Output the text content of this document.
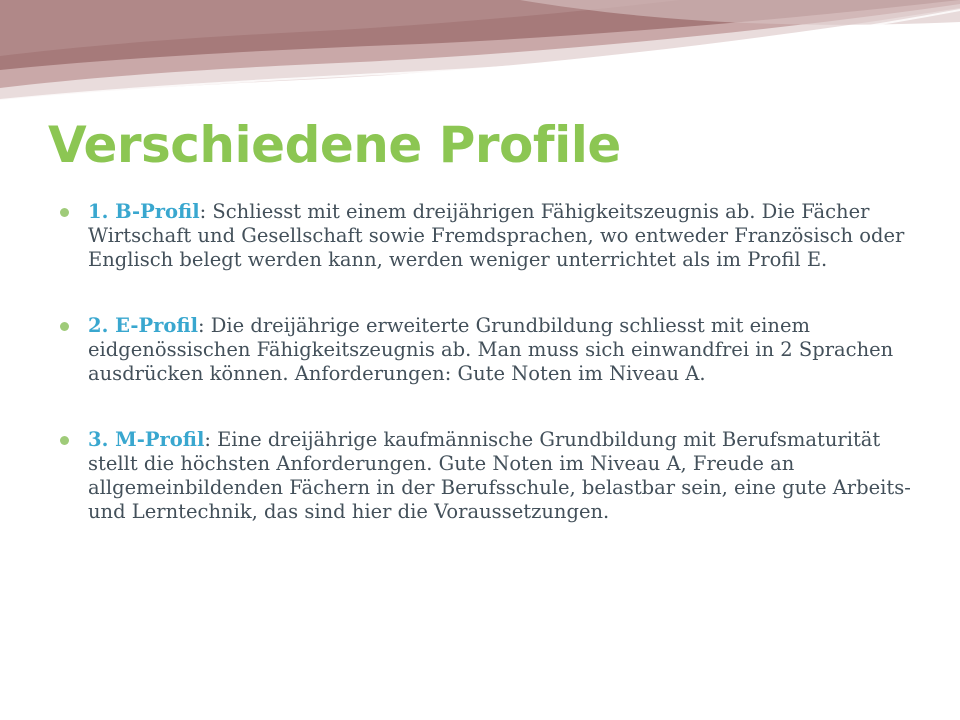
Verschiedene Profile
1. B-Profil: Schliesst mit einem dreijährigen Fähigkeitszeugnis ab. Die Fächer Wirtschaft und Gesellschaft sowie Fremdsprachen, wo entweder Französisch oder Englisch belegt werden kann, werden weniger unterrichtet als im Profil E.
2. E-Profil: Die dreijährige erweiterte Grundbildung schliesst mit einem eidgenössischen Fähigkeitszeugnis ab. Man muss sich einwandfrei in 2 Sprachen ausdrücken können. Anforderungen: Gute Noten im Niveau A.
3. M-Profil: Eine dreijährige kaufmännische Grundbildung mit Berufsmaturität stellt die höchsten Anforderungen. Gute Noten im Niveau A, Freude an allgemeinbildenden Fächern in der Berufsschule, belastbar sein, eine gute Arbeits- und Lerntechnik, das sind hier die Voraussetzungen.
